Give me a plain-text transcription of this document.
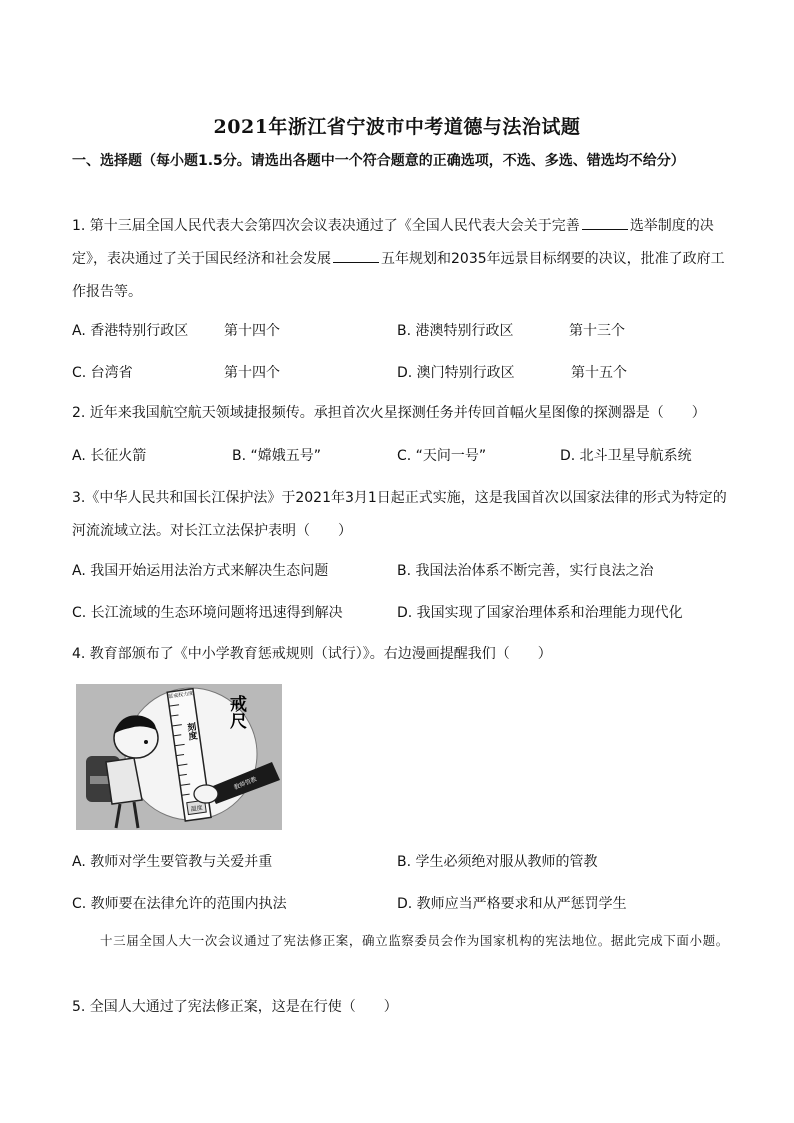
2021年浙江省宁波市中考道德与法治试题
一、选择题（每小题1.5分。请选出各题中一个符合题意的正确选项，不选、多选、错选均不给分）
1. 第十三届全国人民代表大会第四次会议表决通过了《全国人民代表大会关于完善	选举制度的决定》，表决通过了关于国民经济和社会发展	五年规划和2035年远景目标纲要的决议，批准了政府工作报告等。
A. 香港特别行政区	第十四个	B. 港澳特别行政区	第十三个
C. 台湾省	第十四个	D. 澳门特别行政区	第十五个
2. 近年来我国航空航天领域捷报频传。承担首次火星探测任务并传回首幅火星图像的探测器是（　　）
A. 长征火箭	B. “嫦娥五号”	C. “天问一号”	D. 北斗卫星导航系统
3.《中华人民共和国长江保护法》于2021年3月1日起正式实施，这是我国首次以国家法律的形式为特定的河流流域立法。对长江立法保护表明（　　）
A. 我国开始运用法治方式来解决生态问题	B. 我国法治体系不断完善，实行良法之治
C. 长江流域的生态环境问题将迅速得到解决	D. 我国实现了国家治理体系和治理能力现代化
4. 教育部颁布了《中小学教育惩戒规则（试行）》。右边漫画提醒我们（　　）
惩戒权力度
刻度
温度
戒尺
教师管教
A. 教师对学生要管教与关爱并重	B. 学生必须绝对服从教师的管教
C. 教师要在法律允许的范围内执法	D. 教师应当严格要求和从严惩罚学生
十三届全国人大一次会议通过了宪法修正案，确立监察委员会作为国家机构的宪法地位。据此完成下面小题。
5. 全国人大通过了宪法修正案，这是在行使（　　）
